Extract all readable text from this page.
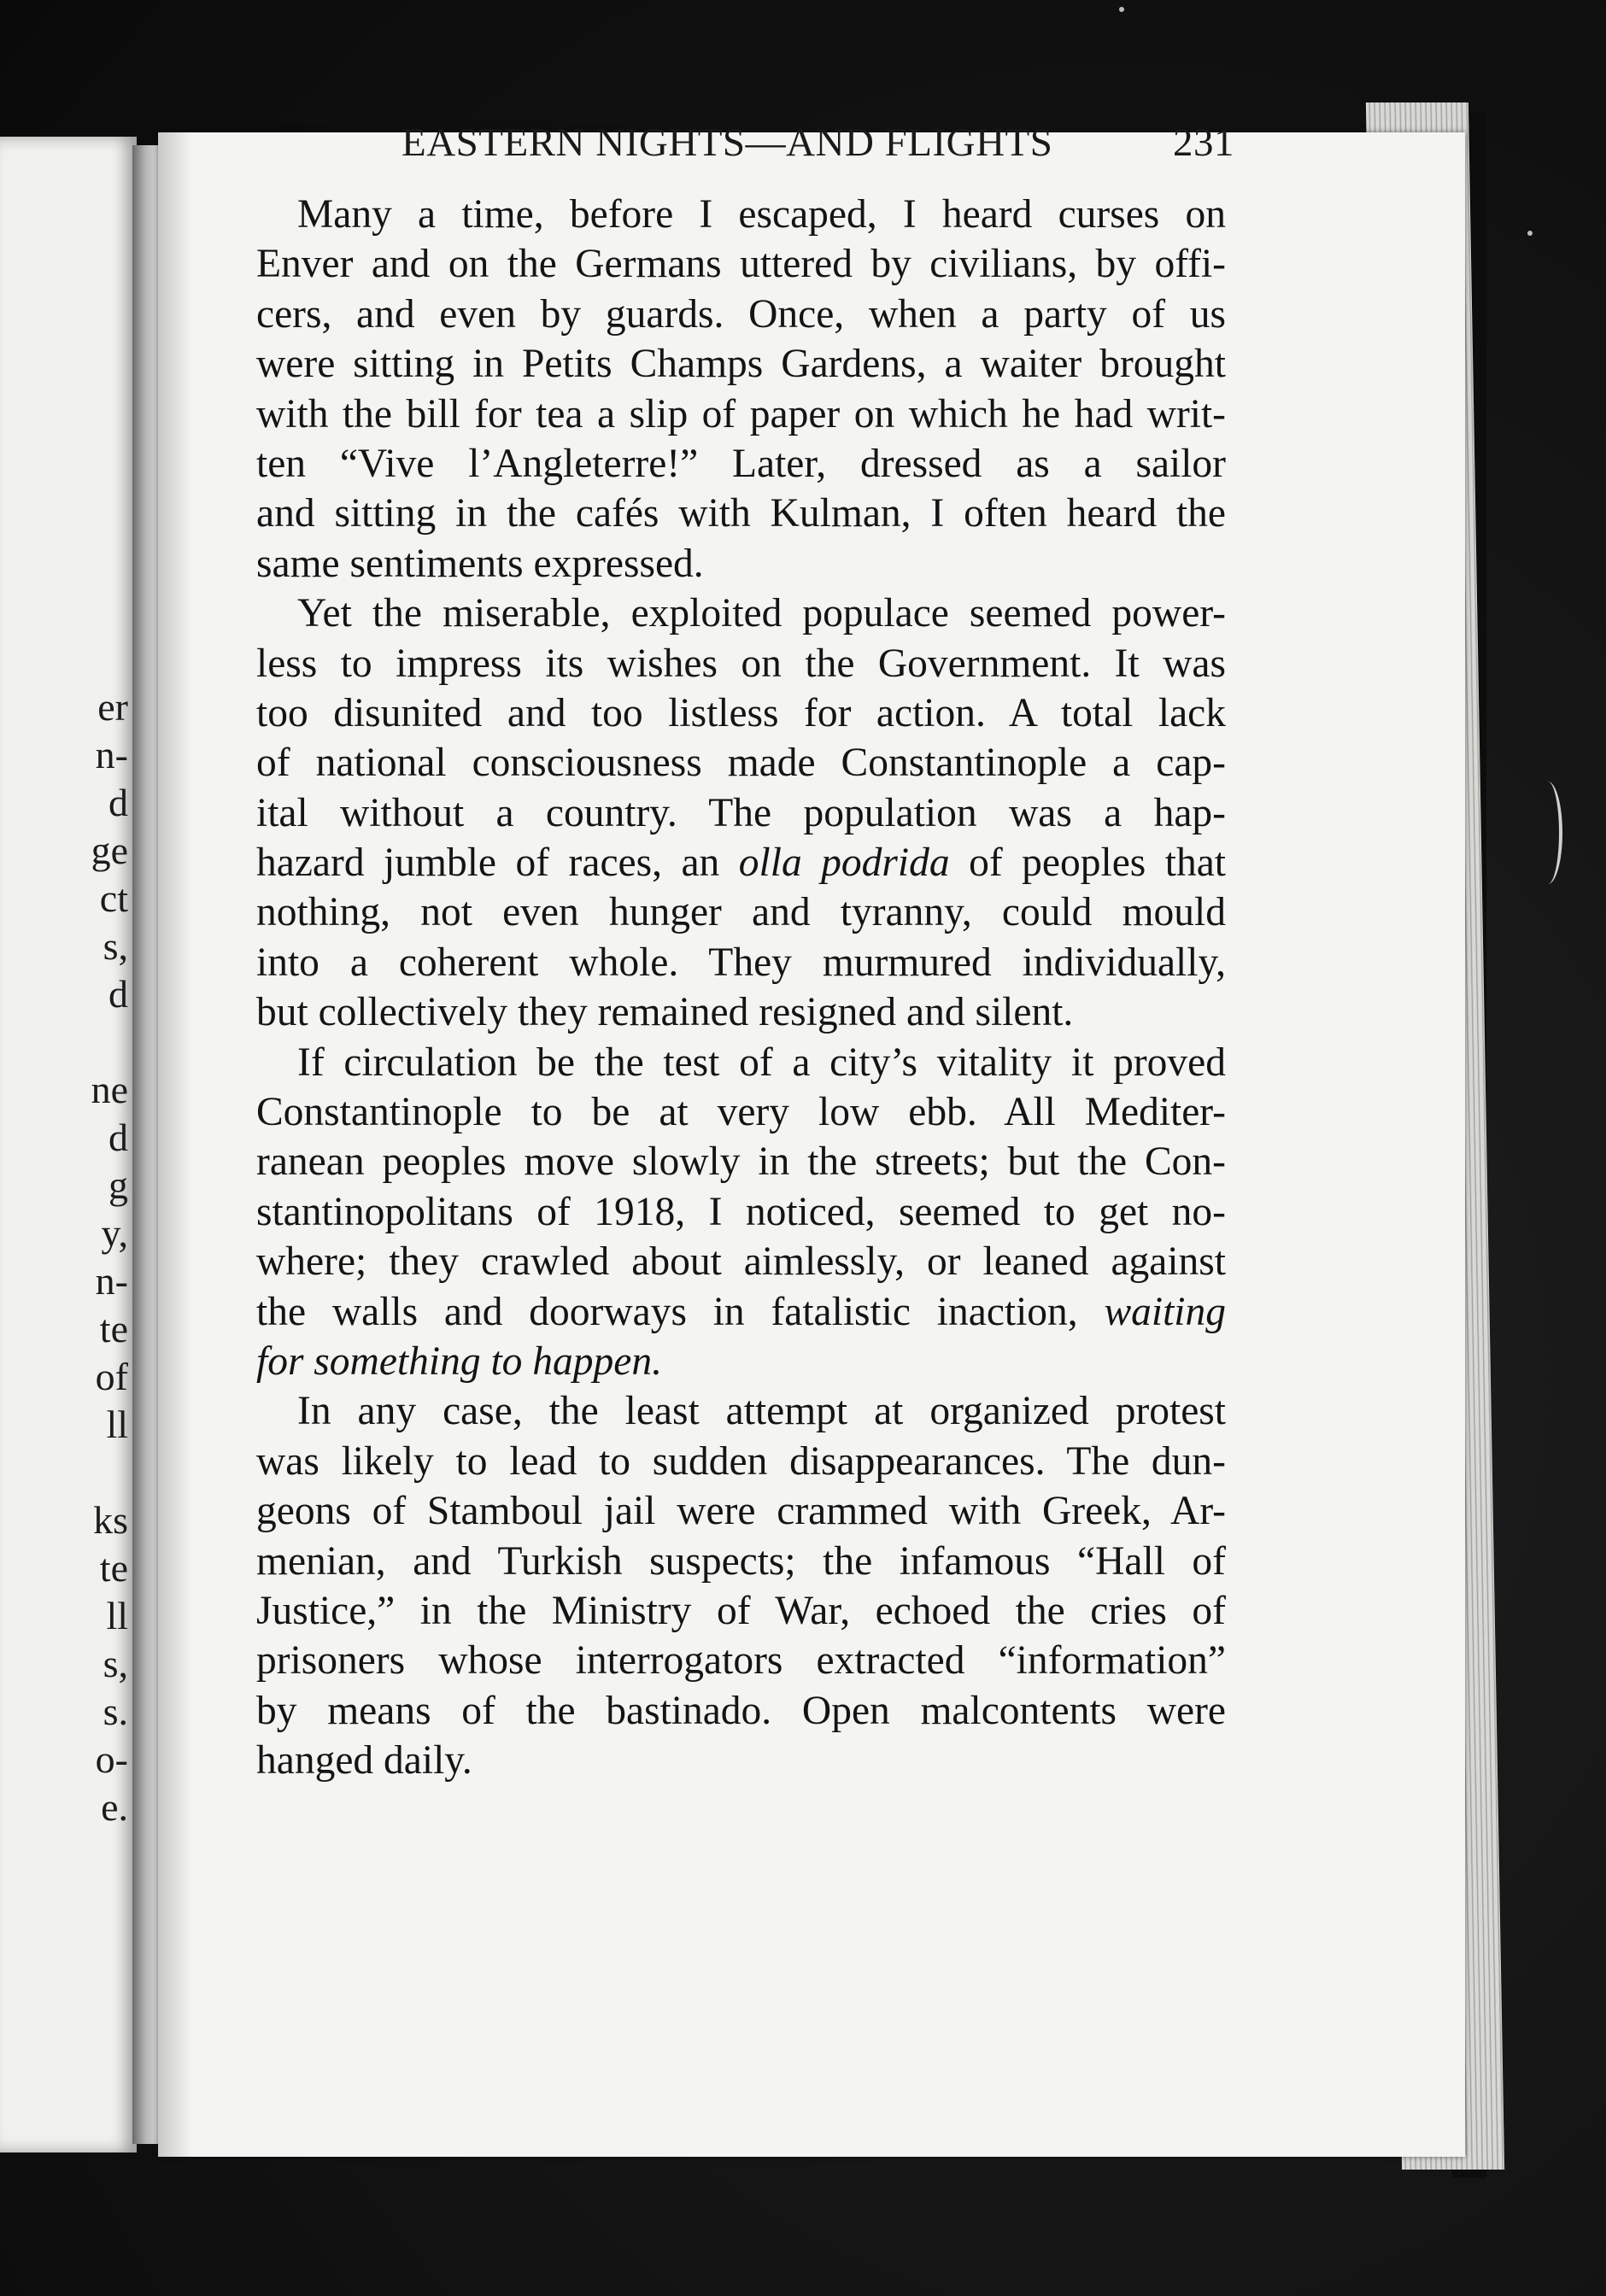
er
n-
d
ge
ct
s,
d
ne
d
g
y,
n-
te
of
ll
ks
te
ll
s,
s.
o-
e.
EASTERN NIGHTS—AND FLIGHTS	231
Many a time, before I escaped, I heard curses on
Enver and on the Germans uttered by civilians, by offi-
cers, and even by guards. Once, when a party of us
were sitting in Petits Champs Gardens, a waiter brought
with the bill for tea a slip of paper on which he had writ-
ten “Vive l’Angleterre!” Later, dressed as a sailor
and sitting in the cafés with Kulman, I often heard the
same sentiments expressed.
Yet the miserable, exploited populace seemed power-
less to impress its wishes on the Government. It was
too disunited and too listless for action. A total lack
of national consciousness made Constantinople a cap-
ital without a country. The population was a hap-
hazard jumble of races, an olla podrida of peoples that
nothing, not even hunger and tyranny, could mould
into a coherent whole. They murmured individually,
but collectively they remained resigned and silent.
If circulation be the test of a city’s vitality it proved
Constantinople to be at very low ebb. All Mediter-
ranean peoples move slowly in the streets; but the Con-
stantinopolitans of 1918, I noticed, seemed to get no-
where; they crawled about aimlessly, or leaned against
the walls and doorways in fatalistic inaction, waiting
for something to happen.
In any case, the least attempt at organized protest
was likely to lead to sudden disappearances. The dun-
geons of Stamboul jail were crammed with Greek, Ar-
menian, and Turkish suspects; the infamous “Hall of
Justice,” in the Ministry of War, echoed the cries of
prisoners whose interrogators extracted “information”
by means of the bastinado. Open malcontents were
hanged daily.
